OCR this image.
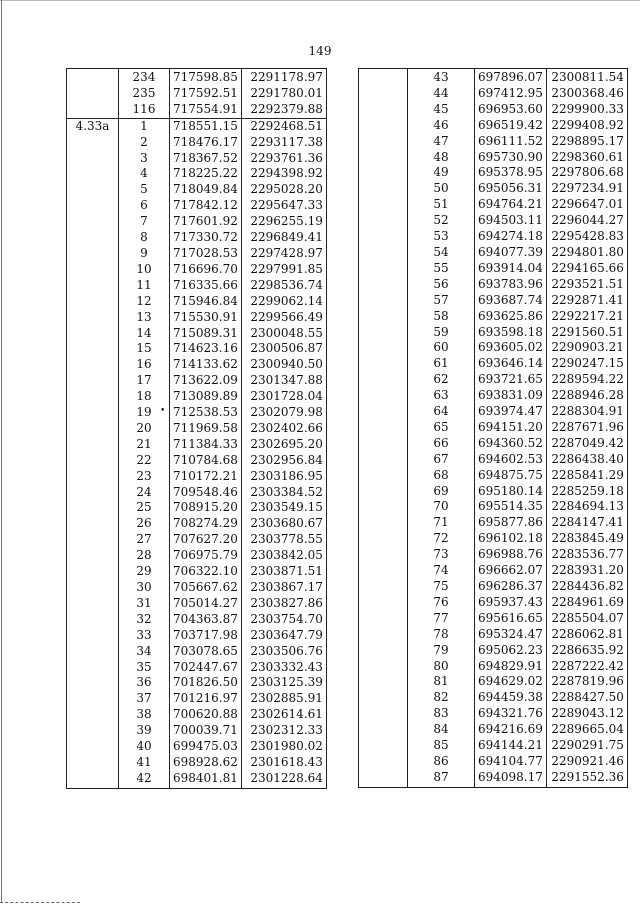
149
	234	717598.85	2291178.97
	235	717592.51	2291780.01
	116	717554.91	2292379.88
4.33a	1	718551.15	2292468.51
	2	718476.17	2293117.38
	3	718367.52	2293761.36
	4	718225.22	2294398.92
	5	718049.84	2295028.20
	6	717842.12	2295647.33
	7	717601.92	2296255.19
	8	717330.72	2296849.41
	9	717028.53	2297428.97
	10	716696.70	2297991.85
	11	716335.66	2298536.74
	12	715946.84	2299062.14
	13	715530.91	2299566.49
	14	715089.31	2300048.55
	15	714623.16	2300506.87
	16	714133.62	2300940.50
	17	713622.09	2301347.88
	18	713089.89	2301728.04
	19	712538.53	2302079.98
	20	711969.58	2302402.66
	21	711384.33	2302695.20
	22	710784.68	2302956.84
	23	710172.21	2303186.95
	24	709548.46	2303384.52
	25	708915.20	2303549.15
	26	708274.29	2303680.67
	27	707627.20	2303778.55
	28	706975.79	2303842.05
	29	706322.10	2303871.51
	30	705667.62	2303867.17
	31	705014.27	2303827.86
	32	704363.87	2303754.70
	33	703717.98	2303647.79
	34	703078.65	2303506.76
	35	702447.67	2303332.43
	36	701826.50	2303125.39
	37	701216.97	2302885.91
	38	700620.88	2302614.61
	39	700039.71	2302312.33
	40	699475.03	2301980.02
	41	698928.62	2301618.43
	42	698401.81	2301228.64
	43	697896.07	2300811.54
	44	697412.95	2300368.46
	45	696953.60	2299900.33
	46	696519.42	2299408.92
	47	696111.52	2298895.17
	48	695730.90	2298360.61
	49	695378.95	2297806.68
	50	695056.31	2297234.91
	51	694764.21	2296647.01
	52	694503.11	2296044.27
	53	694274.18	2295428.83
	54	694077.39	2294801.80
	55	693914.04	2294165.66
	56	693783.96	2293521.51
	57	693687.74	2292871.41
	58	693625.86	2292217.21
	59	693598.18	2291560.51
	60	693605.02	2290903.21
	61	693646.14	2290247.15
	62	693721.65	2289594.22
	63	693831.09	2288946.28
	64	693974.47	2288304.91
	65	694151.20	2287671.96
	66	694360.52	2287049.42
	67	694602.53	2286438.40
	68	694875.75	2285841.29
	69	695180.14	2285259.18
	70	695514.35	2284694.13
	71	695877.86	2284147.41
	72	696102.18	2283845.49
	73	696988.76	2283536.77
	74	696662.07	2283931.20
	75	696286.37	2284436.82
	76	695937.43	2284961.69
	77	695616.65	2285504.07
	78	695324.47	2286062.81
	79	695062.23	2286635.92
	80	694829.91	2287222.42
	81	694629.02	2287819.96
	82	694459.38	2288427.50
	83	694321.76	2289043.12
	84	694216.69	2289665.04
	85	694144.21	2290291.75
	86	694104.77	2290921.46
	87	694098.17	2291552.36
•
